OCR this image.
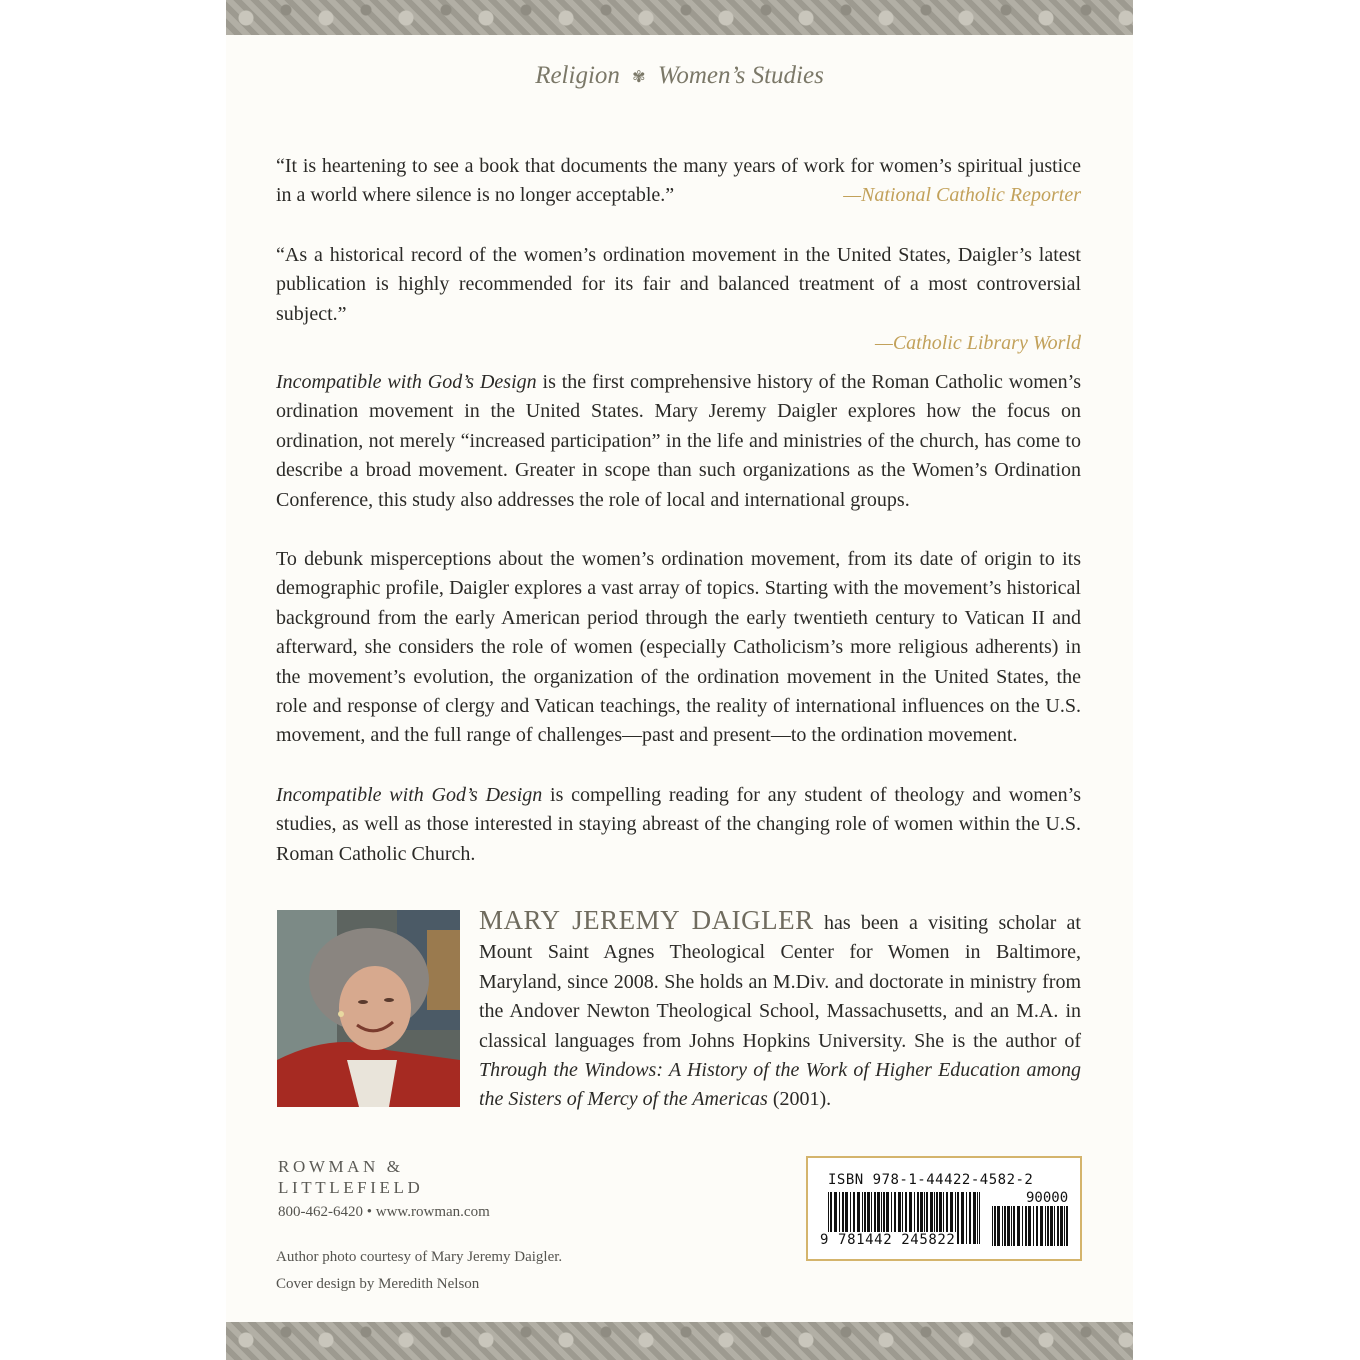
Religion ✾ Women’s Studies
“It is heartening to see a book that documents the many years of work for women’s spiritual justice in a world where silence is no longer acceptable.”	—National Catholic Reporter
“As a historical record of the women’s ordination movement in the United States, Daigler’s latest publication is highly recommended for its fair and balanced treatment of a most controversial subject.”
—Catholic Library World
Incompatible with God’s Design is the first comprehensive history of the Roman Catholic women’s ordination movement in the United States. Mary Jeremy Daigler explores how the focus on ordination, not merely “increased participation” in the life and ministries of the church, has come to describe a broad movement. Greater in scope than such organizations as the Women’s Ordination Conference, this study also addresses the role of local and international groups.
To debunk misperceptions about the women’s ordination movement, from its date of origin to its demographic profile, Daigler explores a vast array of topics. Starting with the movement’s historical background from the early American period through the early twentieth century to Vatican II and afterward, she considers the role of women (especially Catholicism’s more religious adherents) in the movement’s evolution, the organization of the ordination movement in the United States, the role and response of clergy and Vatican teachings, the reality of international influences on the U.S. movement, and the full range of challenges—past and present—to the ordination movement.
Incompatible with God’s Design is compelling reading for any student of theology and women’s studies, as well as those interested in staying abreast of the changing role of women within the U.S. Roman Catholic Church.
MARY JEREMY DAIGLER has been a visiting scholar at Mount Saint Agnes Theological Center for Women in Baltimore, Maryland, since 2008. She holds an M.Div. and doctorate in ministry from the Andover Newton Theological School, Massachusetts, and an M.A. in classical languages from Johns Hopkins University. She is the author of Through the Windows: A History of the Work of Higher Education among the Sisters of Mercy of the Americas (2001).
ROWMAN &
LITTLEFIELD
800-462-6420 • www.rowman.com
Author photo courtesy of Mary Jeremy Daigler.
Cover design by Meredith Nelson
ISBN 978-1-44422-4582-2
90000
9 781442 245822
